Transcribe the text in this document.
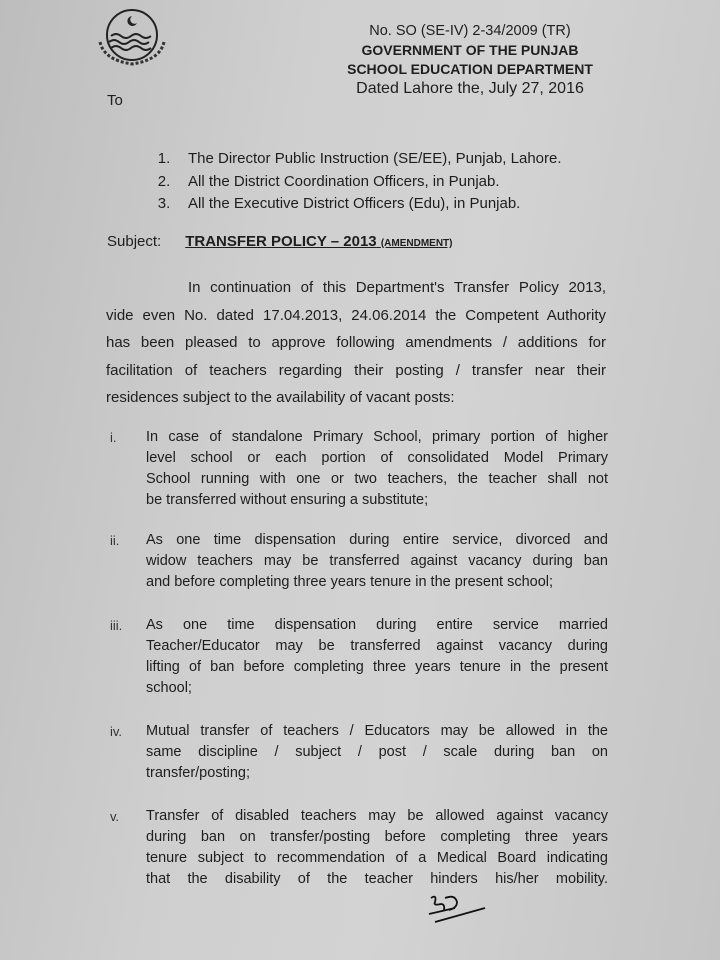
No. SO (SE-IV) 2-34/2009 (TR)
GOVERNMENT OF THE PUNJAB
SCHOOL EDUCATION DEPARTMENT
Dated Lahore the, July 27, 2016
To
1.	The Director Public Instruction (SE/EE), Punjab, Lahore.
2.	All the District Coordination Officers, in Punjab.
3.	All the Executive District Officers (Edu), in Punjab.
Subject: TRANSFER POLICY – 2013 (AMENDMENT)
In continuation of this Department's Transfer Policy 2013,
vide even No. dated 17.04.2013, 24.06.2014 the Competent Authority
has been pleased to approve following amendments / additions for
facilitation of teachers regarding their posting / transfer near their
residences subject to the availability of vacant posts:
i.	In case of standalone Primary School, primary portion of higher
level school or each portion of consolidated Model Primary
School running with one or two teachers, the teacher shall not
be transferred without ensuring a substitute;
ii.	As one time dispensation during entire service, divorced and
widow teachers may be transferred against vacancy during ban
and before completing three years tenure in the present school;
iii.	As one time dispensation during entire service married
Teacher/Educator may be transferred against vacancy during
lifting of ban before completing three years tenure in the present
school;
iv.	Mutual transfer of teachers / Educators may be allowed in the
same discipline / subject / post / scale during ban on
transfer/posting;
v.	Transfer of disabled teachers may be allowed against vacancy
during ban on transfer/posting before completing three years
tenure subject to recommendation of a Medical Board indicating
that the disability of the teacher hinders his/her mobility.
